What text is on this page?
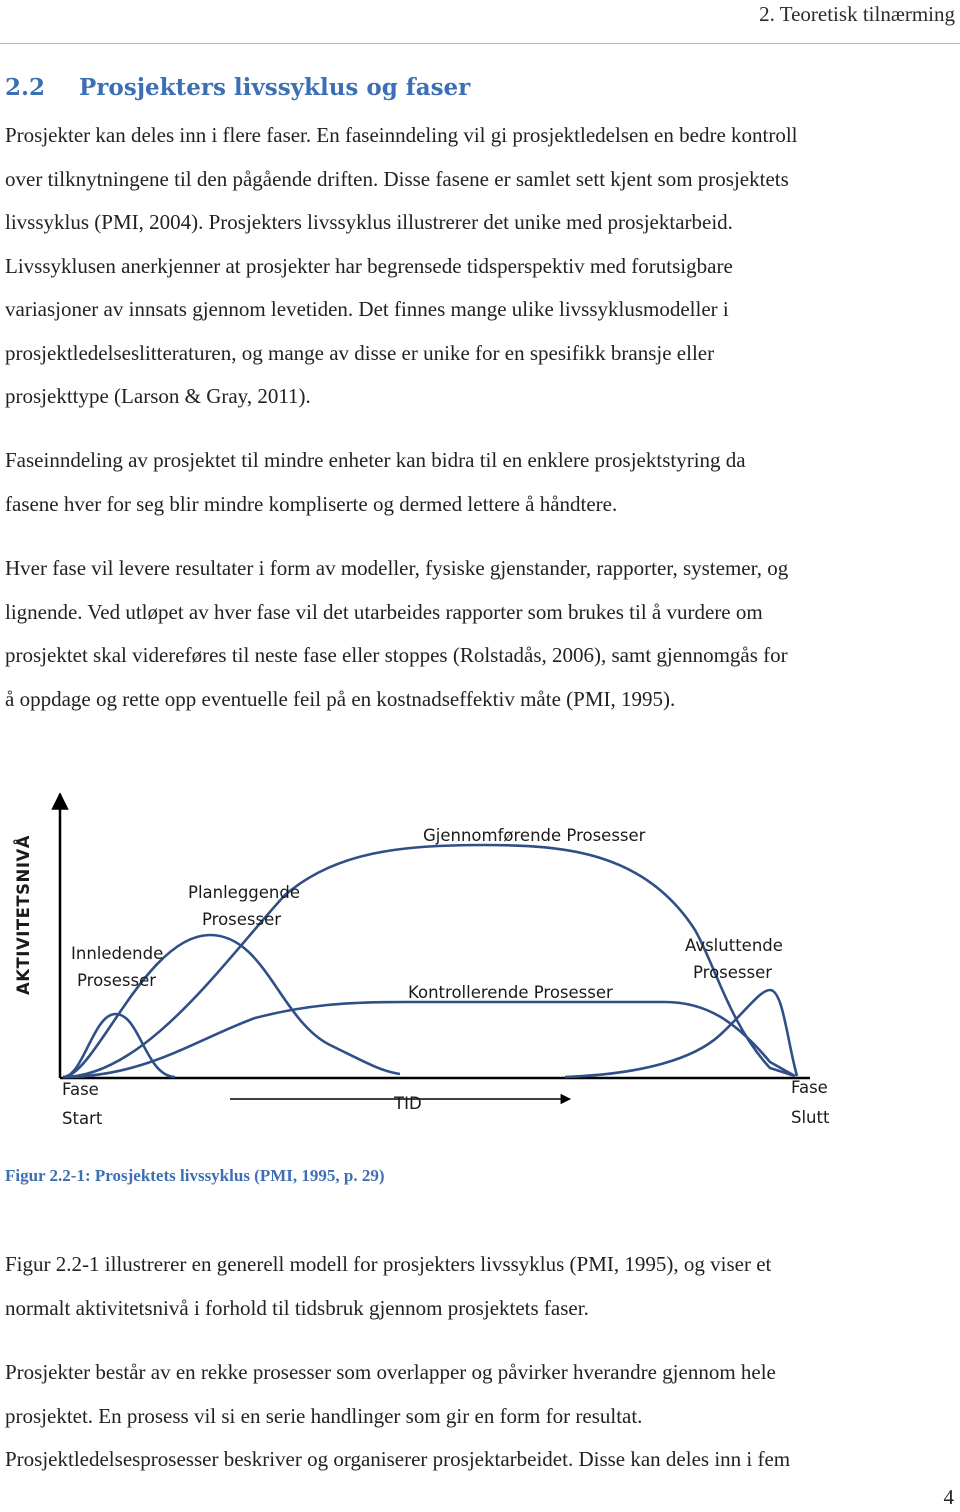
2. Teoretisk tilnærming
2.2 Prosjekters livssyklus og faser

Prosjekter kan deles inn i flere faser. En faseinndeling vil gi prosjektledelsen en bedre kontroll
over tilknytningene til den pågående driften. Disse fasene er samlet sett kjent som prosjektets
livssyklus (PMI, 2004). Prosjekters livssyklus illustrerer det unike med prosjektarbeid.
Livssyklusen anerkjenner at prosjekter har begrensede tidsperspektiv med forutsigbare
variasjoner av innsats gjennom levetiden. Det finnes mange ulike livssyklusmodeller i
prosjektledelseslitteraturen, og mange av disse er unike for en spesifikk bransje eller
prosjekttype (Larson & Gray, 2011).

Faseinndeling av prosjektet til mindre enheter kan bidra til en enklere prosjektstyring da
fasene hver for seg blir mindre kompliserte og dermed lettere å håndtere.

Hver fase vil levere resultater i form av modeller, fysiske gjenstander, rapporter, systemer, og
lignende. Ved utløpet av hver fase vil det utarbeides rapporter som brukes til å vurdere om
prosjektet skal videreføres til neste fase eller stoppes (Rolstadås, 2006), samt gjennomgås for
å oppdage og rette opp eventuelle feil på en kostnadseffektiv måte (PMI, 1995).

AKTIVITETSNIVÅ Innledende
Prosesser
Planleggende
Prosesser
Gjennomførende Prosesser
Kontrollerende Prosesser
Avsluttende
Prosesser
Fase
Start
TID
Fase
Slutt

Figur 2.2-1: Prosjektets livssyklus (PMI, 1995, p. 29)

Figur 2.2-1 illustrerer en generell modell for prosjekters livssyklus (PMI, 1995), og viser et
normalt aktivitetsnivå i forhold til tidsbruk gjennom prosjektets faser.

Prosjekter består av en rekke prosesser som overlapper og påvirker hverandre gjennom hele
prosjektet. En prosess vil si en serie handlinger som gir en form for resultat.
Prosjektledelsesprosesser beskriver og organiserer prosjektarbeidet. Disse kan deles inn i fem

4
